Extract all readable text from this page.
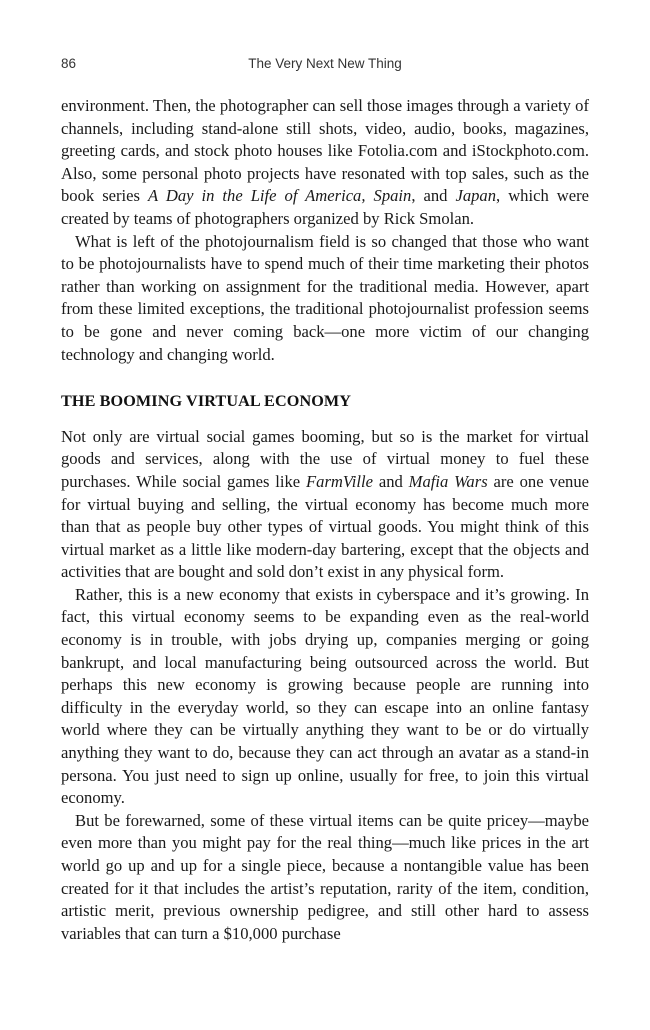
86	The Very Next New Thing

environment. Then, the photographer can sell those images through a variety of channels, including stand-alone still shots, video, audio, books, magazines, greeting cards, and stock photo houses like Fotolia.com and iStockphoto.com. Also, some personal photo projects have resonated with top sales, such as the book series A Day in the Life of America, Spain, and Japan, which were created by teams of photographers organized by Rick Smolan.

What is left of the photojournalism field is so changed that those who want to be photojournalists have to spend much of their time marketing their photos rather than working on assignment for the traditional media. However, apart from these limited exceptions, the traditional photojournalist profession seems to be gone and never coming back—one more victim of our changing technology and changing world.

THE BOOMING VIRTUAL ECONOMY

Not only are virtual social games booming, but so is the market for virtual goods and services, along with the use of virtual money to fuel these purchases. While social games like FarmVille and Mafia Wars are one venue for virtual buying and selling, the virtual economy has become much more than that as people buy other types of virtual goods. You might think of this virtual market as a little like modern-day bartering, except that the objects and activities that are bought and sold don’t exist in any physical form.

Rather, this is a new economy that exists in cyberspace and it’s growing. In fact, this virtual economy seems to be expanding even as the real-world economy is in trouble, with jobs drying up, companies merging or going bankrupt, and local manufacturing being outsourced across the world. But perhaps this new economy is growing because people are running into difficulty in the everyday world, so they can escape into an online fantasy world where they can be virtually anything they want to be or do virtually anything they want to do, because they can act through an avatar as a stand-in persona. You just need to sign up online, usually for free, to join this virtual economy.

But be forewarned, some of these virtual items can be quite pricey—maybe even more than you might pay for the real thing—much like prices in the art world go up and up for a single piece, because a nontangible value has been created for it that includes the artist’s reputation, rarity of the item, condition, artistic merit, previous ownership pedigree, and still other hard to assess variables that can turn a $10,000 purchase
